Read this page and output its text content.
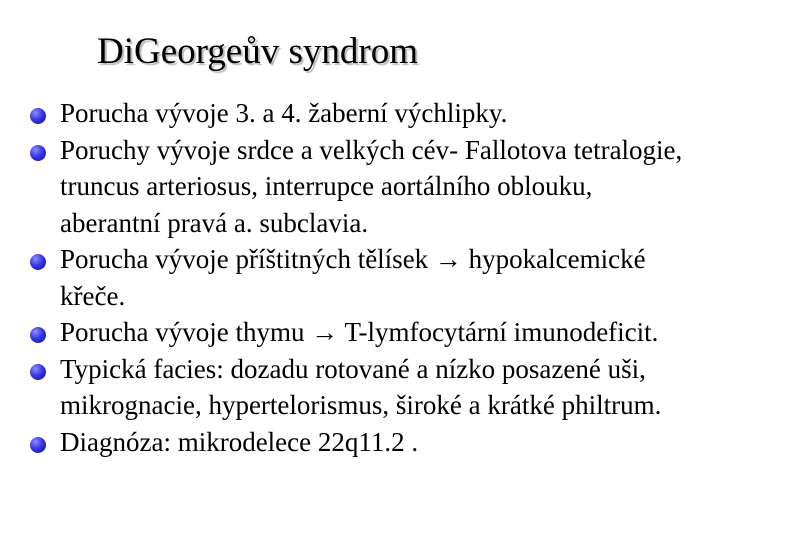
DiGeorgeův syndrom
Porucha vývoje 3. a 4. žaberní výchlipky.
Poruchy vývoje srdce a velkých cév- Fallotova tetralogie,
truncus arteriosus, interrupce aortálního oblouku,
aberantní pravá a. subclavia.
Porucha vývoje příštitných tělísek → hypokalcemické
křeče.
Porucha vývoje thymu → T-lymfocytární imunodeficit.
Typická facies: dozadu rotované a nízko posazené uši,
mikrognacie, hypertelorismus, široké a krátké philtrum.
Diagnóza: mikrodelece 22q11.2 .
